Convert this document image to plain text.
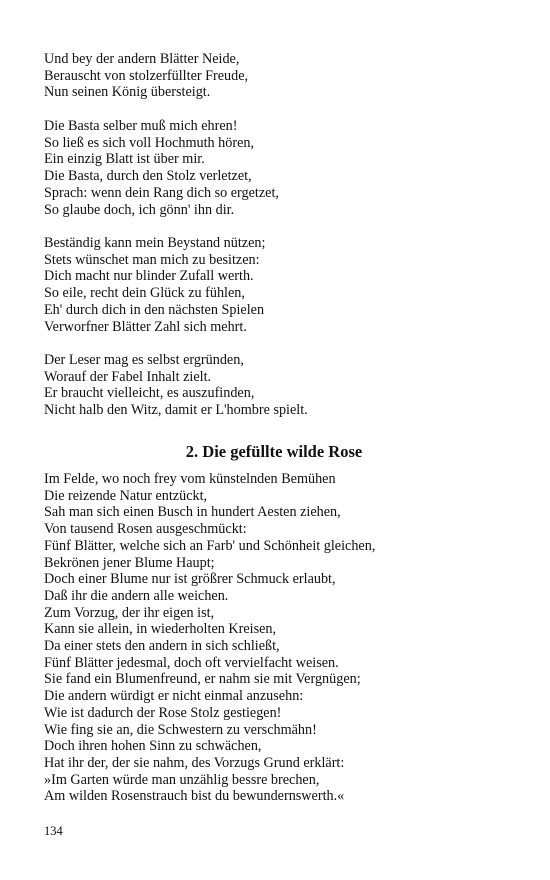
Und bey der andern Blätter Neide,
Berauscht von stolzerfüllter Freude,
Nun seinen König übersteigt.
Die Basta selber muß mich ehren!
So ließ es sich voll Hochmuth hören,
Ein einzig Blatt ist über mir.
Die Basta, durch den Stolz verletzet,
Sprach: wenn dein Rang dich so ergetzet,
So glaube doch, ich gönn' ihn dir.
Beständig kann mein Beystand nützen;
Stets wünschet man mich zu besitzen:
Dich macht nur blinder Zufall werth.
So eile, recht dein Glück zu fühlen,
Eh' durch dich in den nächsten Spielen
Verworfner Blätter Zahl sich mehrt.
Der Leser mag es selbst ergründen,
Worauf der Fabel Inhalt zielt.
Er braucht vielleicht, es auszufinden,
Nicht halb den Witz, damit er L'hombre spielt.
2. Die gefüllte wilde Rose
Im Felde, wo noch frey vom künstelnden Bemühen
Die reizende Natur entzückt,
Sah man sich einen Busch in hundert Aesten ziehen,
Von tausend Rosen ausgeschmückt:
Fünf Blätter, welche sich an Farb' und Schönheit gleichen,
Bekrönen jener Blume Haupt;
Doch einer Blume nur ist größrer Schmuck erlaubt,
Daß ihr die andern alle weichen.
Zum Vorzug, der ihr eigen ist,
Kann sie allein, in wiederholten Kreisen,
Da einer stets den andern in sich schließt,
Fünf Blätter jedesmal, doch oft vervielfacht weisen.
Sie fand ein Blumenfreund, er nahm sie mit Vergnügen;
Die andern würdigt er nicht einmal anzusehn:
Wie ist dadurch der Rose Stolz gestiegen!
Wie fing sie an, die Schwestern zu verschmähn!
Doch ihren hohen Sinn zu schwächen,
Hat ihr der, der sie nahm, des Vorzugs Grund erklärt:
»Im Garten würde man unzählig bessre brechen,
Am wilden Rosenstrauch bist du bewundernswerth.«
134
